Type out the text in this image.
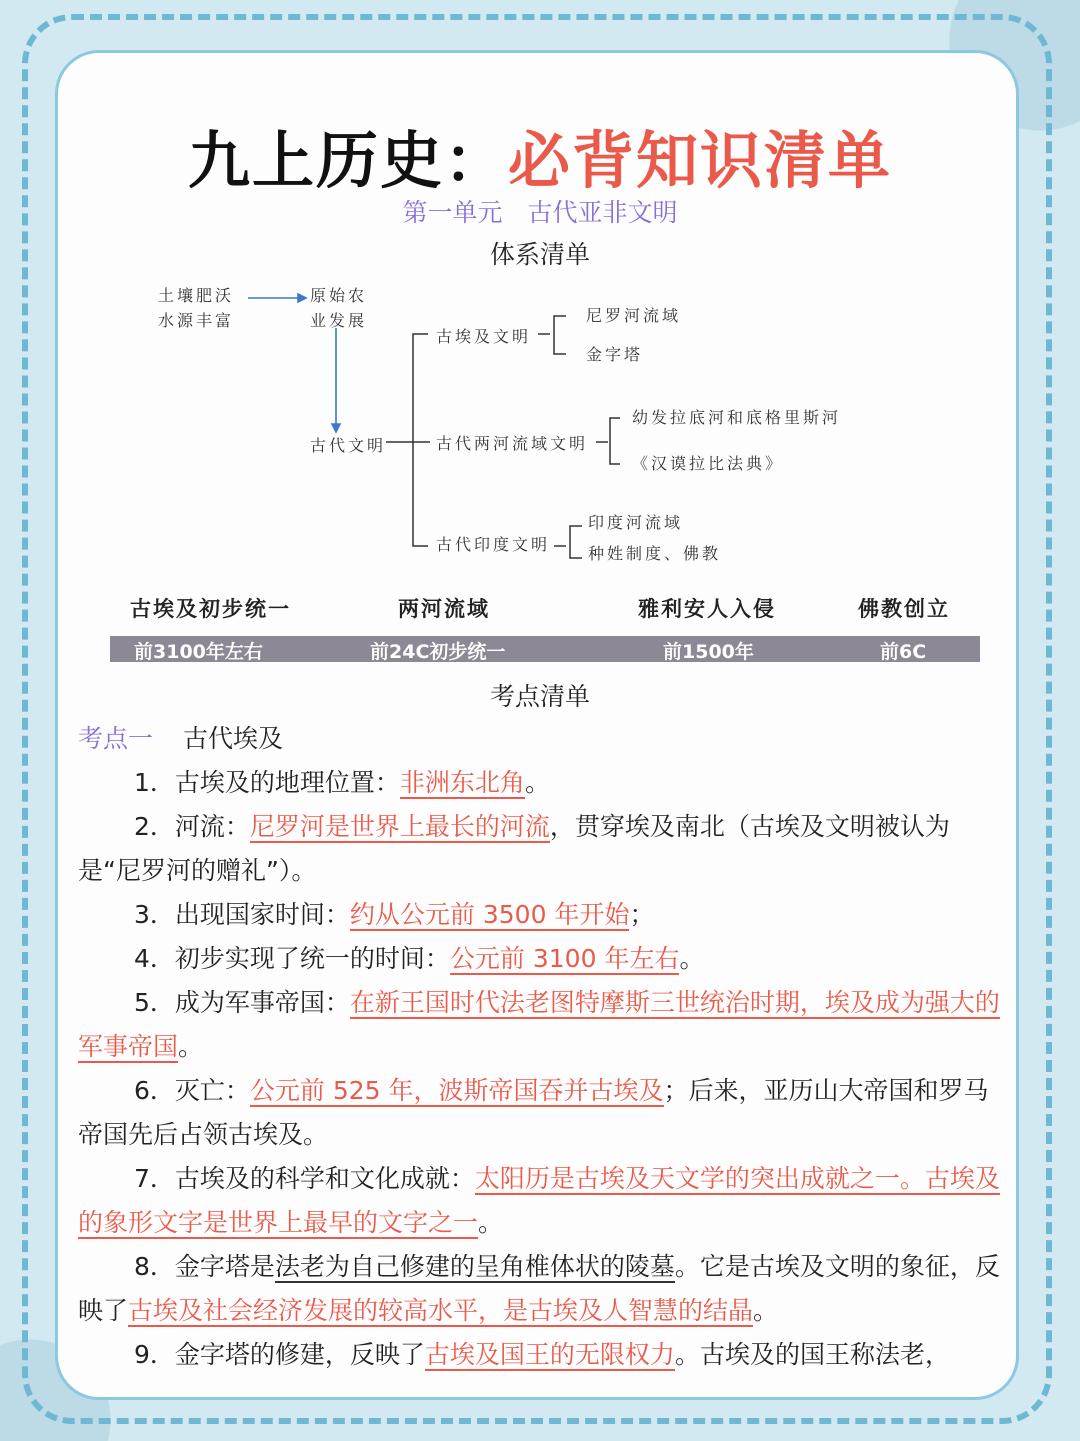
九上历史：必背知识清单
第一单元　古代亚非文明
体系清单
土壤肥沃
水源丰富
原始农
业发展
古代文明
古埃及文明
尼罗河流域
金字塔
古代两河流域文明
幼发拉底河和底格里斯河
《汉谟拉比法典》
古代印度文明
印度河流域
种姓制度、佛教
古埃及初步统一	两河流域	雅利安人入侵	佛教创立
前3100年左右	前24C初步统一	前1500年	前6C
考点清单
考点一 古代埃及

1．古埃及的地理位置：非洲东北角。

2．河流：尼罗河是世界上最长的河流，贯穿埃及南北（古埃及文明被认为是“尼罗河的赠礼”）。

3．出现国家时间：约从公元前 3500 年开始；

4．初步实现了统一的时间：公元前 3100 年左右。

5．成为军事帝国：在新王国时代法老图特摩斯三世统治时期，埃及成为强大的军事帝国。

6．灭亡：公元前 525 年，波斯帝国吞并古埃及；后来，亚历山大帝国和罗马帝国先后占领古埃及。

7．古埃及的科学和文化成就：太阳历是古埃及天文学的突出成就之一。古埃及的象形文字是世界上最早的文字之一。

8．金字塔是法老为自己修建的呈角椎体状的陵墓。它是古埃及文明的象征，反映了古埃及社会经济发展的较高水平，是古埃及人智慧的结晶。

9．金字塔的修建，反映了古埃及国王的无限权力。古埃及的国王称法老，
